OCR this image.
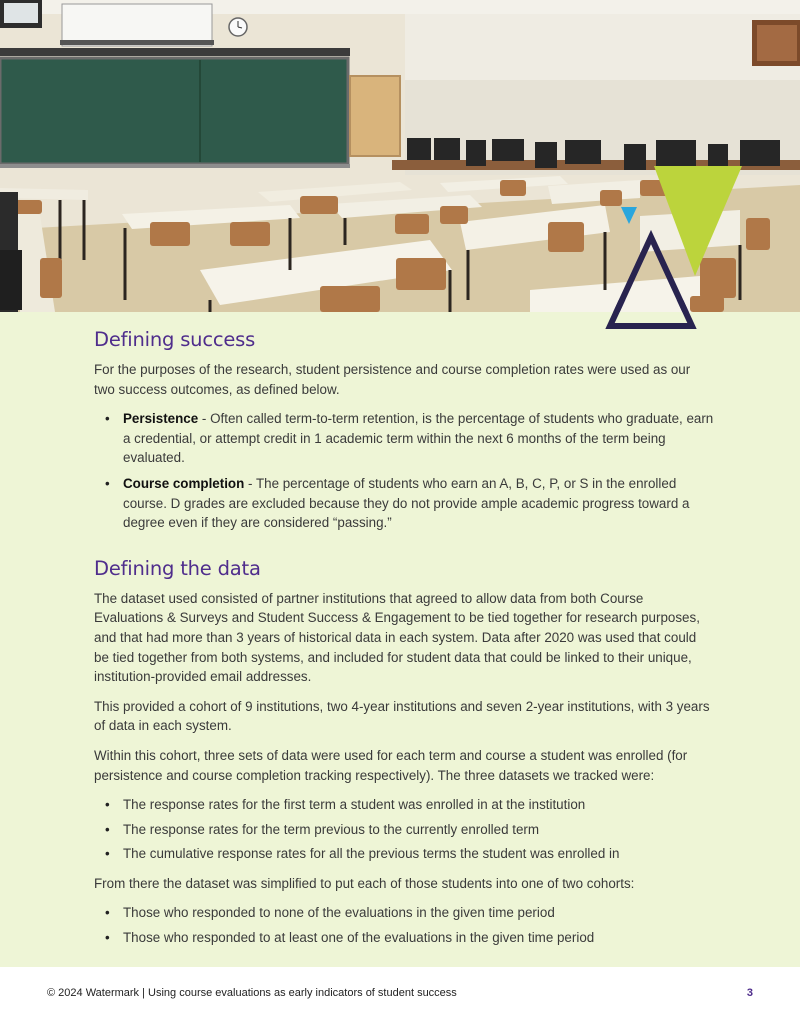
Defining success

For the purposes of the research, student persistence and course completion rates were used as our two success outcomes, as defined below.

• Persistence - Often called term-to-term retention, is the percentage of students who graduate, earn a credential, or attempt credit in 1 academic term within the next 6 months of the term being evaluated.
• Course completion - The percentage of students who earn an A, B, C, P, or S in the enrolled course. D grades are excluded because they do not provide ample academic progress toward a degree even if they are considered “passing.”
Defining the data

The dataset used consisted of partner institutions that agreed to allow data from both Course Evaluations & Surveys and Student Success & Engagement to be tied together for research purposes, and that had more than 3 years of historical data in each system. Data after 2020 was used that could be tied together from both systems, and included for student data that could be linked to their unique, institution-provided email addresses.

This provided a cohort of 9 institutions, two 4-year institutions and seven 2-year institutions, with 3 years of data in each system.

Within this cohort, three sets of data were used for each term and course a student was enrolled (for persistence and course completion tracking respectively). The three datasets we tracked were:

• The response rates for the first term a student was enrolled in at the institution
• The response rates for the term previous to the currently enrolled term
• The cumulative response rates for all the previous terms the student was enrolled in

From there the dataset was simplified to put each of those students into one of two cohorts:

• Those who responded to none of the evaluations in the given time period
• Those who responded to at least one of the evaluations in the given time period
© 2024 Watermark | Using course evaluations as early indicators of student success	3
